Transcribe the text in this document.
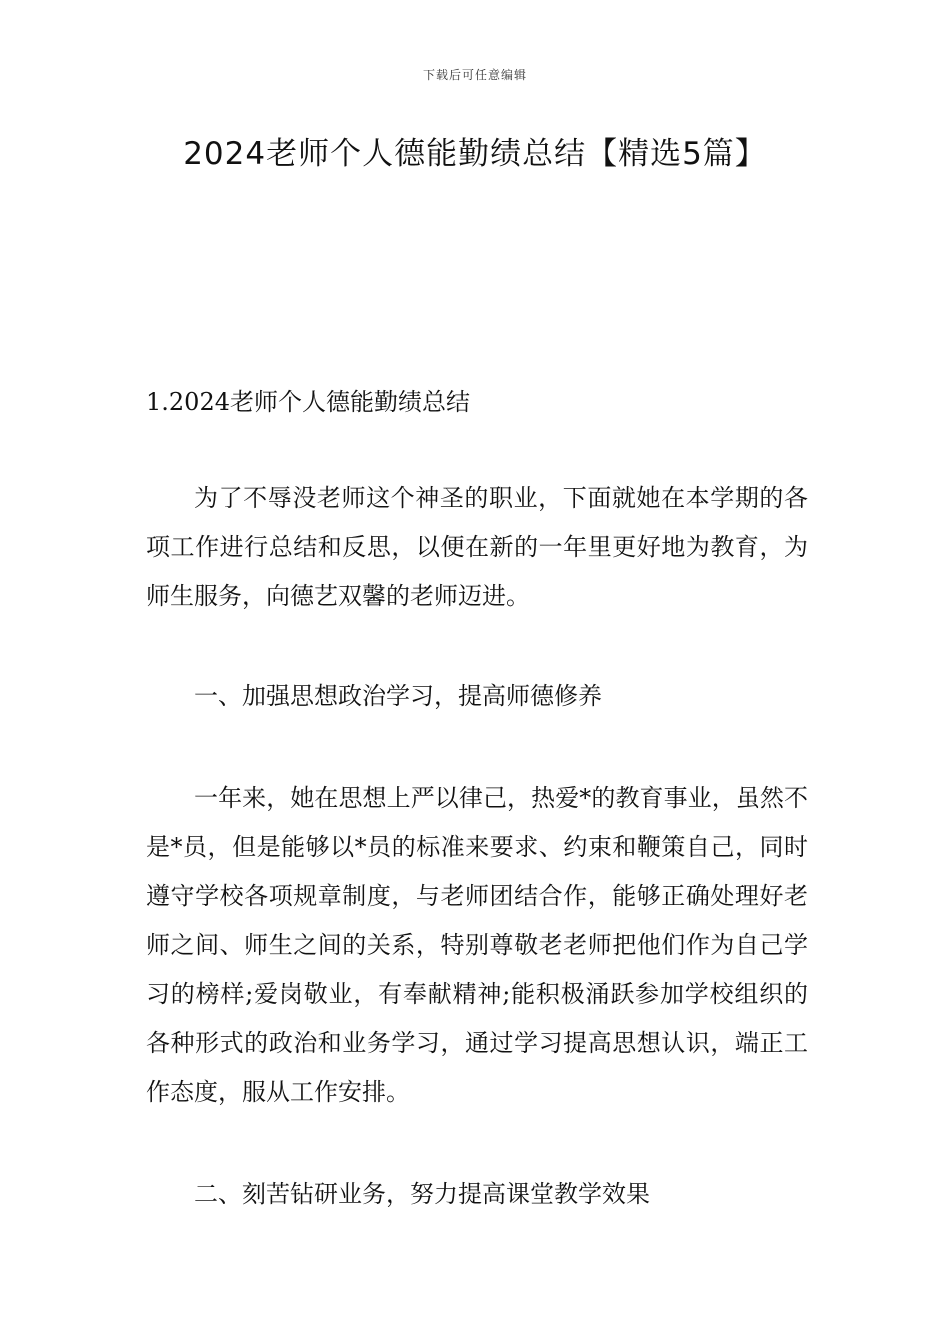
下载后可任意编辑
2024老师个人德能勤绩总结【精选5篇】
1.2024老师个人德能勤绩总结

为了不辱没老师这个神圣的职业，下面就她在本学期的各项工作进行总结和反思，以便在新的一年里更好地为教育，为师生服务，向德艺双馨的老师迈进。

一、加强思想政治学习，提高师德修养

一年来，她在思想上严以律己，热爱*的教育事业，虽然不是*员，但是能够以*员的标准来要求、约束和鞭策自己，同时遵守学校各项规章制度，与老师团结合作，能够正确处理好老师之间、师生之间的关系，特别尊敬老老师把他们作为自己学习的榜样;爱岗敬业，有奉献精神;能积极涌跃参加学校组织的各种形式的政治和业务学习，通过学习提高思想认识，端正工作态度，服从工作安排。

二、刻苦钻研业务，努力提高课堂教学效果
